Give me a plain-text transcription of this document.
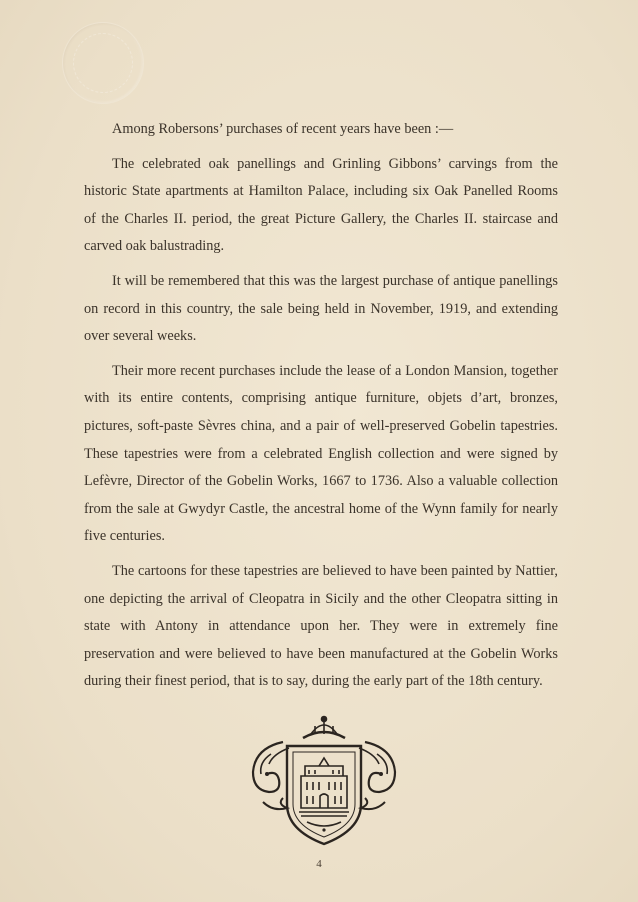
Among Robersons’ purchases of recent years have been :—

The celebrated oak panellings and Grinling Gibbons’ carvings from the historic State apartments at Hamilton Palace, including six Oak Panelled Rooms of the Charles II. period, the great Picture Gallery, the Charles II. staircase and carved oak balustrading.

It will be remembered that this was the largest purchase of antique panellings on record in this country, the sale being held in November, 1919, and extending over several weeks.

Their more recent purchases include the lease of a London Mansion, together with its entire contents, comprising antique furniture, objets d’art, bronzes, pictures, soft-paste Sèvres china, and a pair of well-preserved Gobelin tapestries. These tapestries were from a celebrated English collection and were signed by Lefèvre, Director of the Gobelin Works, 1667 to 1736. Also a valuable collection from the sale at Gwydyr Castle, the ancestral home of the Wynn family for nearly five centuries.

The cartoons for these tapestries are believed to have been painted by Nattier, one depicting the arrival of Cleopatra in Sicily and the other Cleopatra sitting in state with Antony in attendance upon her. They were in extremely fine preservation and were believed to have been manufactured at the Gobelin Works during their finest period, that is to say, during the early part of the 18th century.

4
